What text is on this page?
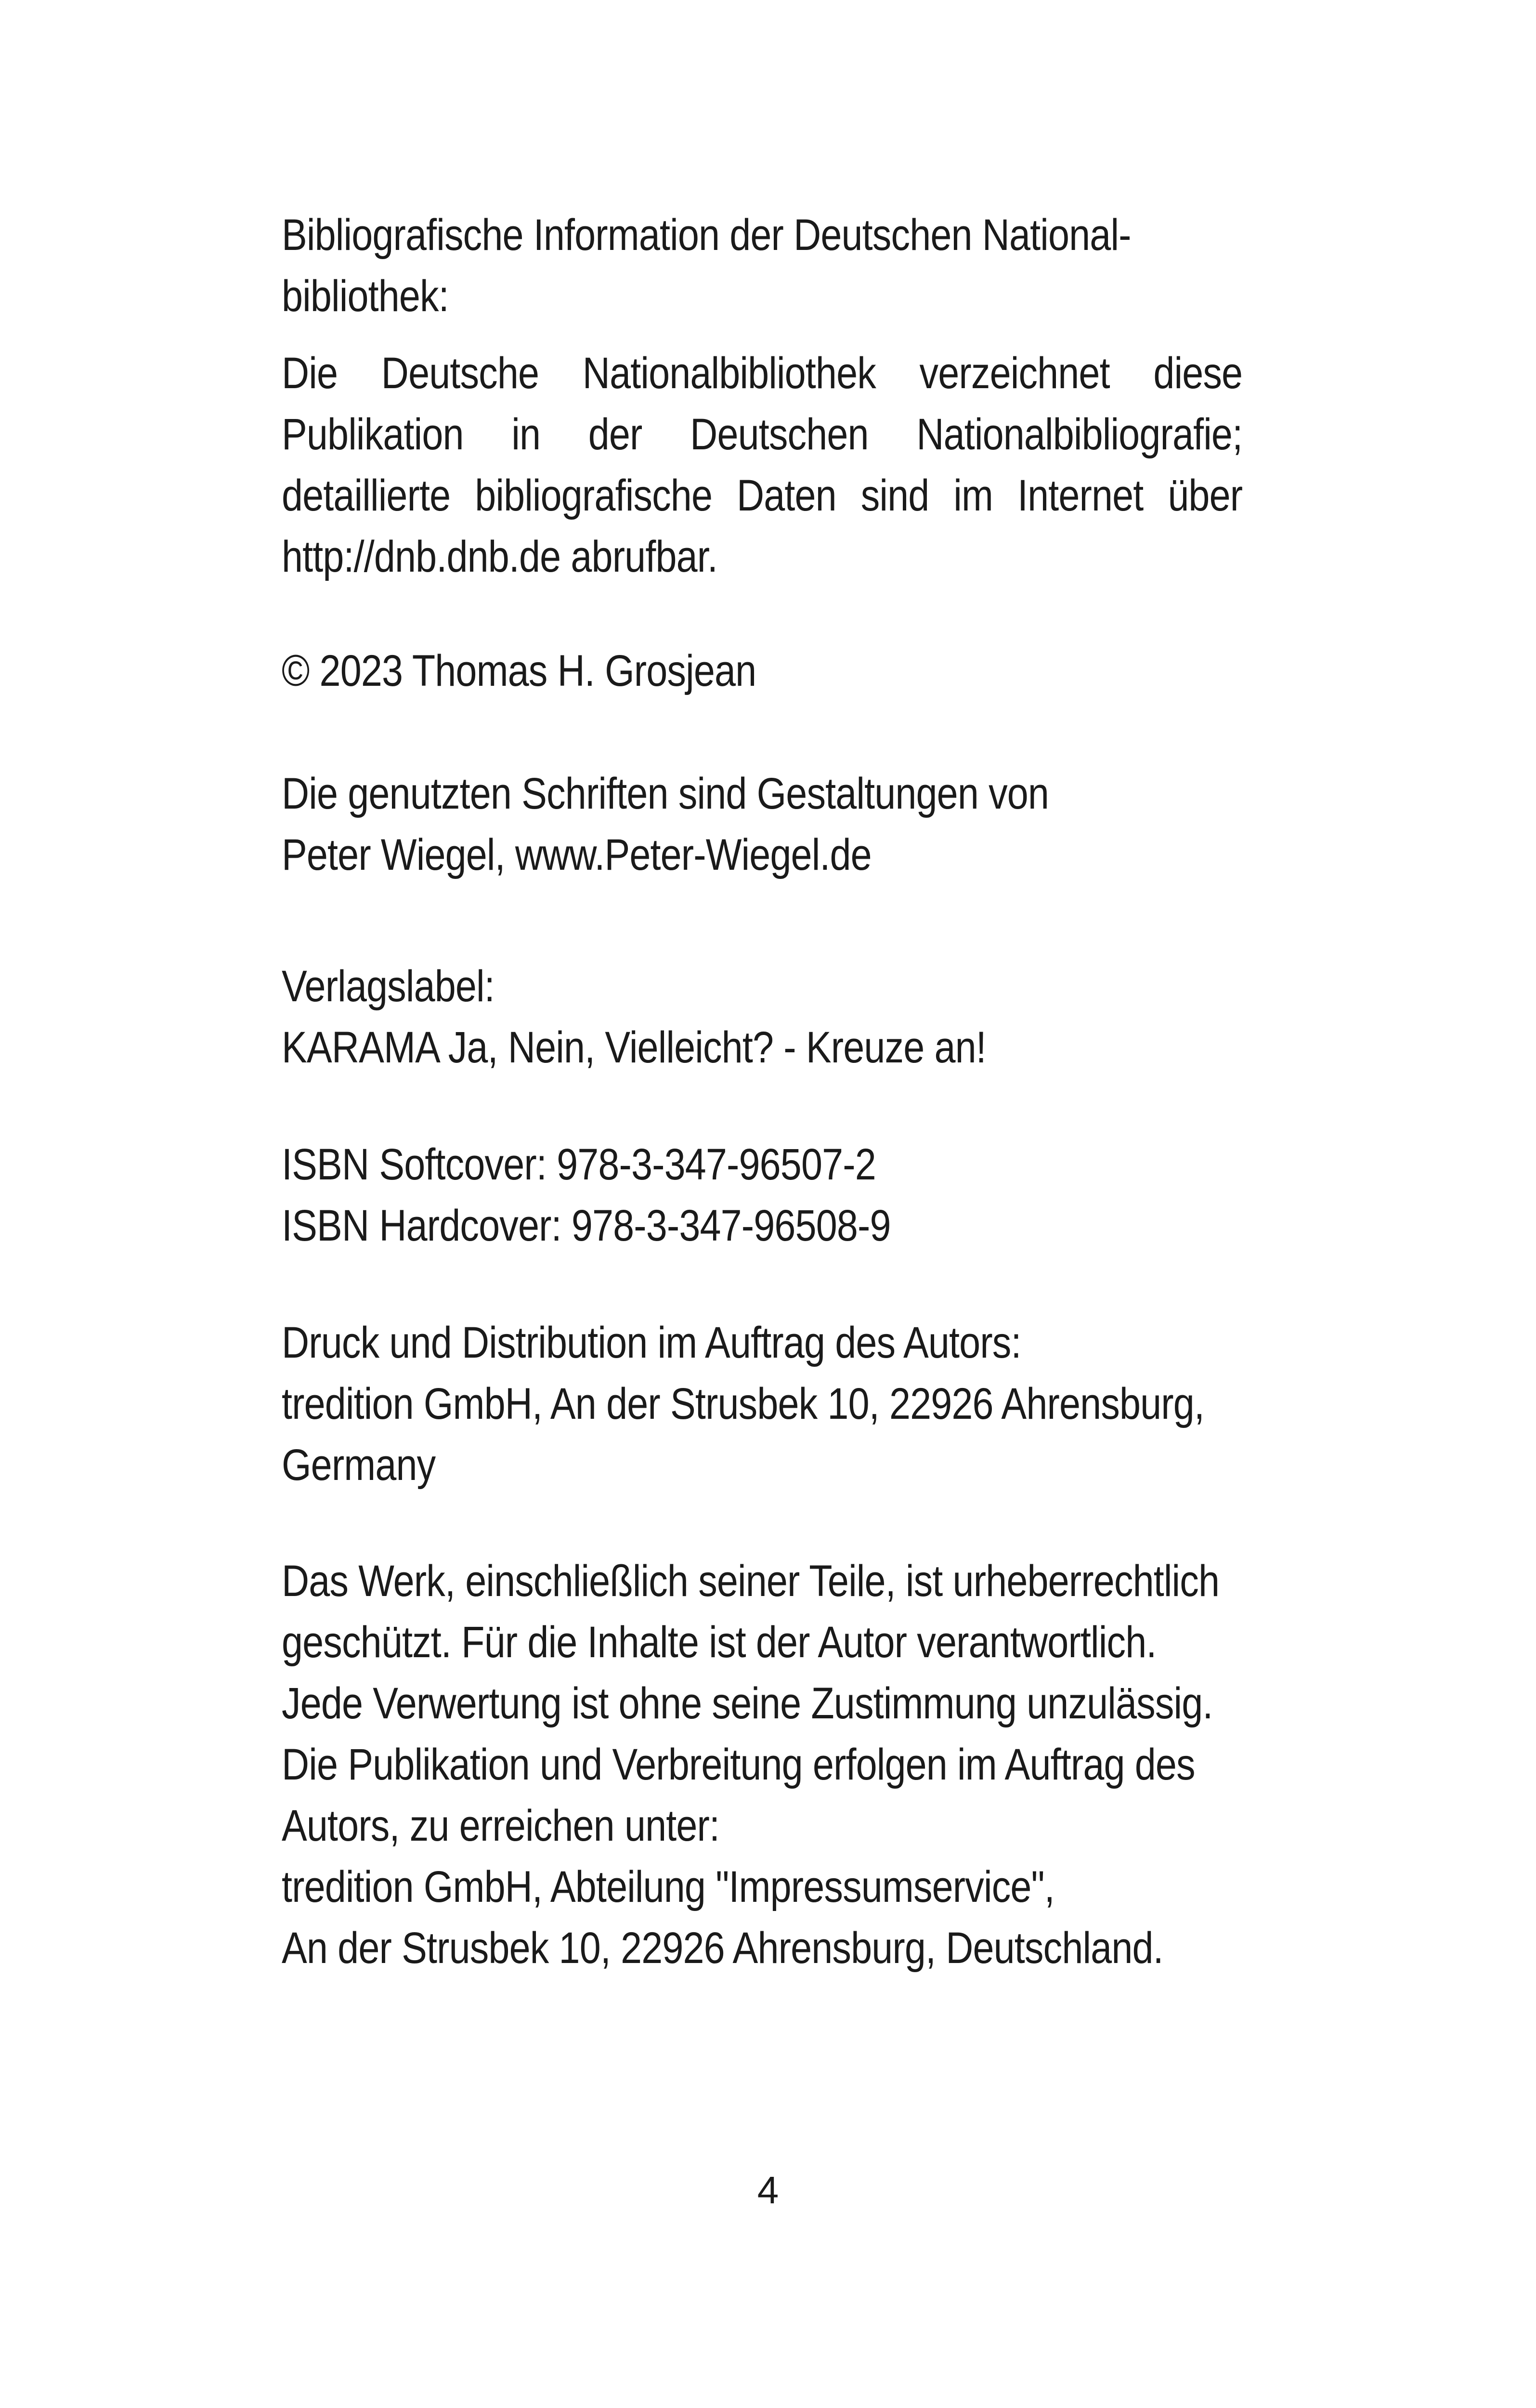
Bibliografische Information der Deutschen National-
bibliothek:
Die Deutsche Nationalbibliothek verzeichnet diese
Publikation in der Deutschen Nationalbibliografie;
detaillierte bibliografische Daten sind im Internet über
http://dnb.dnb.de abrufbar.
© 2023 Thomas H. Grosjean
Die genutzten Schriften sind Gestaltungen von
Peter Wiegel, www.Peter-Wiegel.de
Verlagslabel:
KARAMA Ja, Nein, Vielleicht? - Kreuze an!
ISBN Softcover: 978-3-347-96507-2
ISBN Hardcover: 978-3-347-96508-9
Druck und Distribution im Auftrag des Autors:
tredition GmbH, An der Strusbek 10, 22926 Ahrensburg,
Germany
Das Werk, einschließlich seiner Teile, ist urheberrechtlich
geschützt. Für die Inhalte ist der Autor verantwortlich.
Jede Verwertung ist ohne seine Zustimmung unzulässig.
Die Publikation und Verbreitung erfolgen im Auftrag des
Autors, zu erreichen unter:
tredition GmbH, Abteilung "Impressumservice",
An der Strusbek 10, 22926 Ahrensburg, Deutschland.
4
